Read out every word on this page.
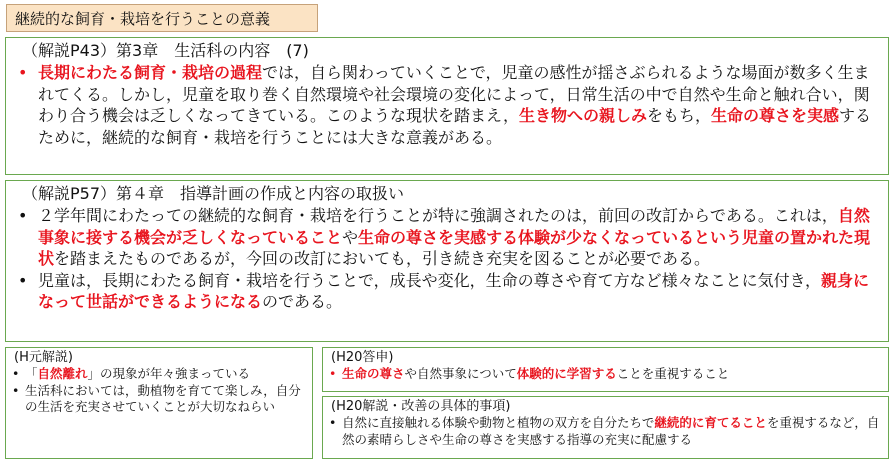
継続的な飼育・栽培を行うことの意義
（解説P43）第3章　生活科の内容　(7)
• 長期にわたる飼育・栽培の過程では，自ら関わっていくことで，児童の感性が揺さぶられるような場面が数多く生まれてくる。しかし，児童を取り巻く自然環境や社会環境の変化によって，日常生活の中で自然や生命と触れ合い，関わり合う機会は乏しくなってきている。このような現状を踏まえ，生き物への親しみをもち，生命の尊さを実感するために，継続的な飼育・栽培を行うことには大きな意義がある。
（解説P57）第４章　指導計画の作成と内容の取扱い
• ２学年間にわたっての継続的な飼育・栽培を行うことが特に強調されたのは，前回の改訂からである。これは，自然事象に接する機会が乏しくなっていることや生命の尊さを実感する体験が少なくなっているという児童の置かれた現状を踏まえたものであるが，今回の改訂においても，引き続き充実を図ることが必要である。
• 児童は，長期にわたる飼育・栽培を行うことで，成長や変化，生命の尊さや育て方など様々なことに気付き，親身になって世話ができるようになるのである。
(H元解説)
• 「自然離れ」の現象が年々強まっている
• 生活科においては，動植物を育てて楽しみ，自分の生活を充実させていくことが大切なねらい
(H20答申)
• 生命の尊さや自然事象について体験的に学習することを重視すること
(H20解説・改善の具体的事項)
• 自然に直接触れる体験や動物と植物の双方を自分たちで継続的に育てることを重視するなど，自然の素晴らしさや生命の尊さを実感する指導の充実に配慮する
